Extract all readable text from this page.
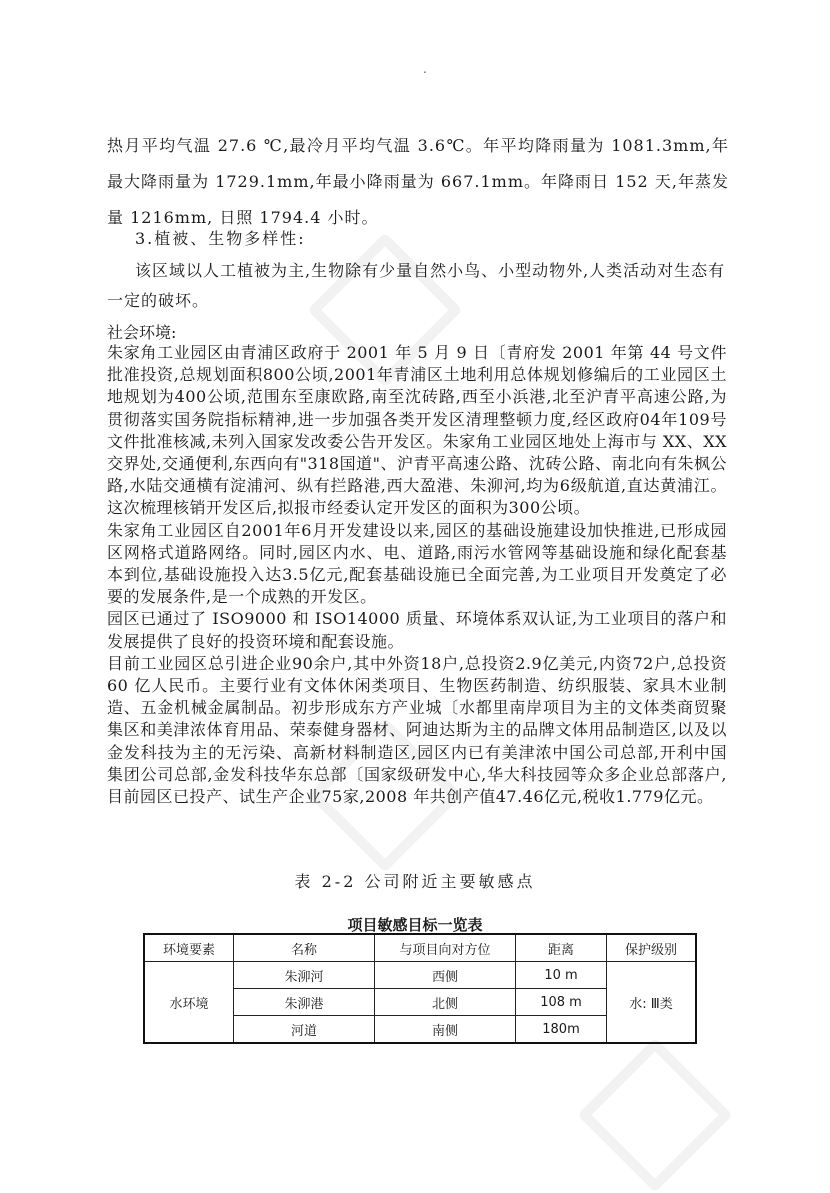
.
热月平均气温 27.6 ℃,最冷月平均气温 3.6℃。年平均降雨量为 1081.3mm,年最大降雨量为 1729.1mm,年最小降雨量为 667.1mm。年降雨日 152 天,年蒸发量 1216mm, 日照 1794.4 小时。
3.植被、生物多样性:
该区域以人工植被为主,生物除有少量自然小鸟、小型动物外,人类活动对生态有一定的破坏。
社会环境:

朱家角工业园区由青浦区政府于 2001 年 5 月 9 日〔青府发 2001 年第 44 号文件批准投资,总规划面积800公顷,2001年青浦区土地利用总体规划修编后的工业园区土地规划为400公顷,范围东至康欧路,南至沈砖路,西至小浜港,北至沪青平高速公路,为贯彻落实国务院指标精神,进一步加强各类开发区清理整顿力度,经区政府04年109号文件批准核减,未列入国家发改委公告开发区。朱家角工业园区地处上海市与 XX、XX 交界处,交通便利,东西向有"318国道"、沪青平高速公路、沈砖公路、南北向有朱枫公路,水陆交通横有淀浦河、纵有拦路港,西大盈港、朱泖河,均为6级航道,直达黄浦江。这次梳理核销开发区后,拟报市经委认定开发区的面积为300公顷。

朱家角工业园区自2001年6月开发建设以来,园区的基础设施建设加快推进,已形成园区网格式道路网络。同时,园区内水、电、道路,雨污水管网等基础设施和绿化配套基本到位,基础设施投入达3.5亿元,配套基础设施已全面完善,为工业项目开发奠定了必要的发展条件,是一个成熟的开发区。

园区已通过了 ISO9000 和 ISO14000 质量、环境体系双认证,为工业项目的落户和发展提供了良好的投资环境和配套设施。

目前工业园区总引进企业90余户,其中外资18户,总投资2.9亿美元,内资72户,总投资 60 亿人民币。主要行业有文体休闲类项目、生物医药制造、纺织服装、家具木业制造、五金机械金属制品。初步形成东方产业城〔水都里南岸项目为主的文体类商贸聚集区和美津浓体育用品、荣泰健身器材、阿迪达斯为主的品牌文体用品制造区,以及以金发科技为主的无污染、高新材料制造区,园区内已有美津浓中国公司总部,开利中国集团公司总部,金发科技华东总部〔国家级研发中心,华大科技园等众多企业总部落户,目前园区已投产、试生产企业75家,2008 年共创产值47.46亿元,税收1.779亿元。

表 2-2 公司附近主要敏感点
项目敏感目标一览表
环境要素	名称	与项目向对方位	距离	保护级别
水环境	朱泖河	西侧	10 m	水: Ⅲ类
	朱泖港	北侧	108 m	
	河道	南侧	180m	
